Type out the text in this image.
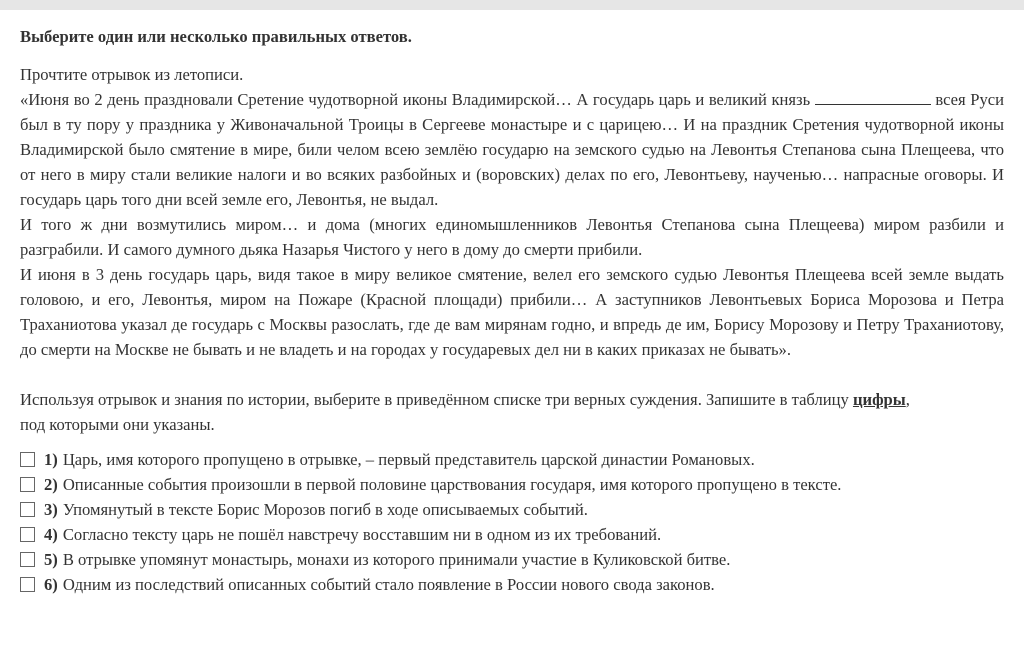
Выберите один или несколько правильных ответов.

Прочтите отрывок из летописи.

«Июня во 2 день праздновали Сретение чудотворной иконы Владимирской… А государь царь и великий князь	всея Руси был в ту пору у праздника у Живоначальной Троицы в Сергееве монастыре и с царицею… И на праздник Сретения чудотворной иконы Владимирской было смятение в мире, били челом всею землёю государю на земского судью на Левонтья Степанова сына Плещеева, что от него в миру стали великие налоги и во всяких разбойных и (воровских) делах по его, Левонтьеву, наученью… напрасные оговоры. И государь царь того дни всей земле его, Левонтья, не выдал.

И того ж дни возмутились миром… и дома (многих единомышленников Левонтья Степанова сына Плещеева) миром разбили и разграбили. И самого думного дьяка Назарья Чистого у него в дому до смерти прибили.

И июня в 3 день государь царь, видя такое в миру великое смятение, велел его земского судью Левонтья Плещеева всей земле выдать головою, и его, Левонтья, миром на Пожаре (Красной площади) прибили… А заступников Левонтьевых Бориса Морозова и Петра Траханиотова указал де государь с Москвы разослать, где де вам мирянам годно, и впредь де им, Борису Морозову и Петру Траханиотову, до смерти на Москве не бывать и не владеть и на городах у государевых дел ни в каких приказах не бывать».

Используя отрывок и знания по истории, выберите в приведённом списке три верных суждения. Запишите в таблицу цифры,

под которыми они указаны.

1) Царь, имя которого пропущено в отрывке, – первый представитель царской династии Романовых.
2) Описанные события произошли в первой половине царствования государя, имя которого пропущено в тексте.
3) Упомянутый в тексте Борис Морозов погиб в ходе описываемых событий.
4) Согласно тексту царь не пошёл навстречу восставшим ни в одном из их требований.
5) В отрывке упомянут монастырь, монахи из которого принимали участие в Куликовской битве.
6) Одним из последствий описанных событий стало появление в России нового свода законов.
